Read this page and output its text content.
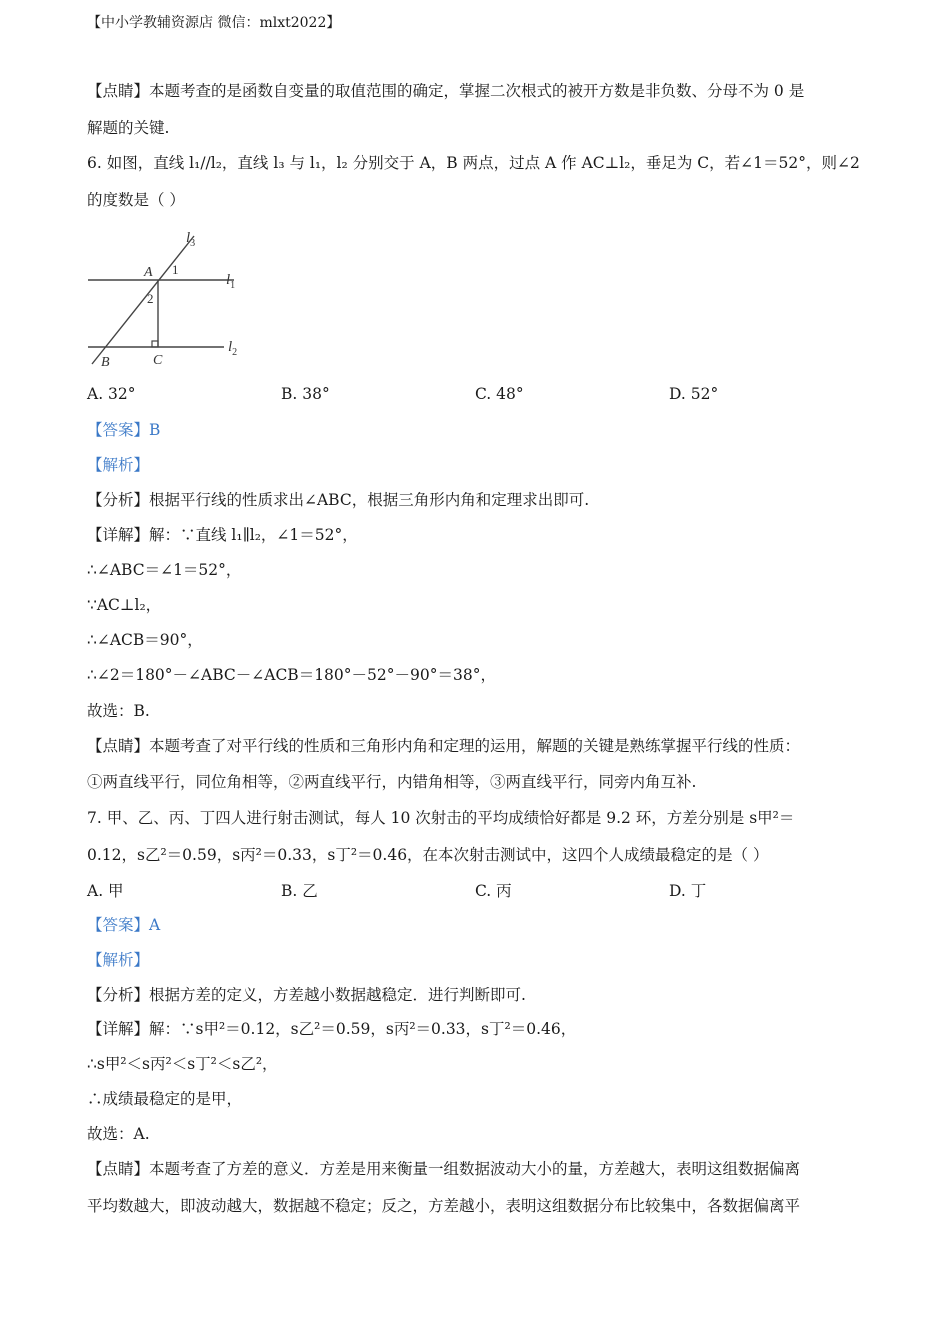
【中小学教辅资源店 微信：mlxt2022】
【点睛】本题考查的是函数自变量的取值范围的确定，掌握二次根式的被开方数是非负数、分母不为 0 是
解题的关键.
6. 如图，直线 l₁//l₂，直线 l₃ 与 l₁，l₂ 分别交于 A，B 两点，过点 A 作 AC⊥l₂，垂足为 C，若∠1＝52°，则∠2
的度数是（ ）
$l_3$
$l_1$
$l_2$
A 1
2
B	C
A. 32°	B. 38°	C. 48°	D. 52°
【答案】B
【解析】
【分析】根据平行线的性质求出∠ABC，根据三角形内角和定理求出即可.
【详解】解：∵直线 l₁∥l₂，∠1＝52°，
∴∠ABC＝∠1＝52°，
∵AC⊥l₂，
∴∠ACB＝90°，
∴∠2＝180°－∠ABC－∠ACB＝180°－52°－90°＝38°，
故选：B.
【点睛】本题考查了对平行线的性质和三角形内角和定理的运用，解题的关键是熟练掌握平行线的性质：
①两直线平行，同位角相等，②两直线平行，内错角相等，③两直线平行，同旁内角互补.
7. 甲、乙、丙、丁四人进行射击测试，每人 10 次射击的平均成绩恰好都是 9.2 环，方差分别是 s甲²＝
0.12，s乙²＝0.59，s丙²＝0.33，s丁²＝0.46，在本次射击测试中，这四个人成绩最稳定的是（ ）
A. 甲	B. 乙	C. 丙	D. 丁
【答案】A
【解析】
【分析】根据方差的定义，方差越小数据越稳定．进行判断即可.
【详解】解：∵s甲²＝0.12，s乙²＝0.59，s丙²＝0.33，s丁²＝0.46，
∴s甲²＜s丙²＜s丁²＜s乙²，
∴成绩最稳定的是甲，
故选：A.
【点睛】本题考查了方差的意义．方差是用来衡量一组数据波动大小的量，方差越大，表明这组数据偏离
平均数越大，即波动越大，数据越不稳定；反之，方差越小，表明这组数据分布比较集中，各数据偏离平
